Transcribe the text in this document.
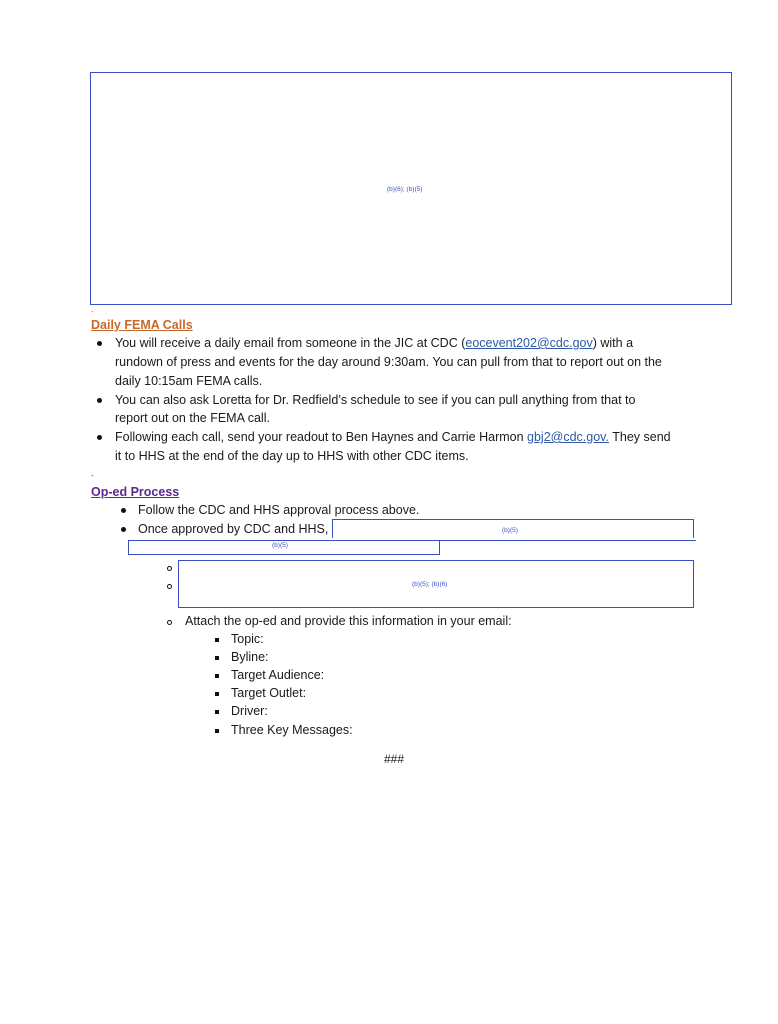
(b)(6); (b)(5)
-
Daily FEMA Calls
You will receive a daily email from someone in the JIC at CDC (eocevent202@cdc.gov) with a
rundown of press and events for the day around 9:30am. You can pull from that to report out on the
daily 10:15am FEMA calls.
You can also ask Loretta for Dr. Redfield’s schedule to see if you can pull anything from that to
report out on the FEMA call.
Following each call, send your readout to Ben Haynes and Carrie Harmon gbj2@cdc.gov. They send
it to HHS at the end of the day up to HHS with other CDC items.
-
Op-ed Process
Follow the CDC and HHS approval process above.
Once approved by CDC and HHS,	(b)(5)
(b)(5)
(b)(5); (b)(6)
Attach the op-ed and provide this information in your email:
Topic:
Byline:
Target Audience:
Target Outlet:
Driver:
Three Key Messages:
###
